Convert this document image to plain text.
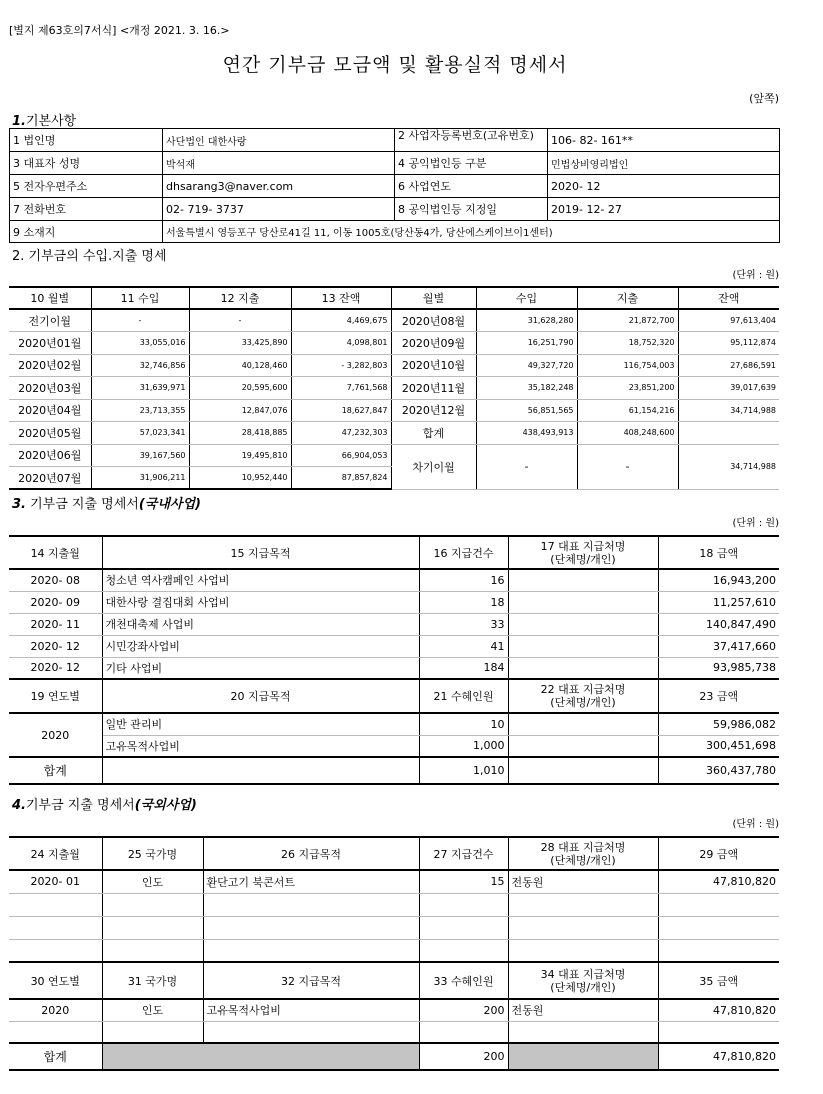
[별지 제63호의7서식] <개정 2021. 3. 16.>
연간 기부금 모금액 및 활용실적 명세서
(앞쪽)
1.기본사항
1 법인명	사단법인 대한사랑	2 사업자등록번호(고유번호)	106- 82- 161**
3 대표자 성명	박석재	4 공익법인등 구분	민법상비영리법인
5 전자우편주소	dhsarang3@naver.com	6 사업연도	2020- 12
7 전화번호	02- 719- 3737	8 공익법인등 지정일	2019- 12- 27
9 소재지	서울특별시 영등포구 당산로41길 11, 이동 1005호(당산동4가, 당산에스케이브이1센터)		
2. 기부금의 수입.지출 명세
(단위 : 원)
10 월별	11 수입	12 지출	13 잔액	월별	수입	지출	잔액
전기이월	-	-	4,469,675	2020년08월	31,628,280	21,872,700	97,613,404
2020년01월	33,055,016	33,425,890	4,098,801	2020년09월	16,251,790	18,752,320	95,112,874
2020년02월	32,746,856	40,128,460	- 3,282,803	2020년10월	49,327,720	116,754,003	27,686,591
2020년03월	31,639,971	20,595,600	7,761,568	2020년11월	35,182,248	23,851,200	39,017,639
2020년04월	23,713,355	12,847,076	18,627,847	2020년12월	56,851,565	61,154,216	34,714,988
2020년05월	57,023,341	28,418,885	47,232,303	합계	438,493,913	408,248,600	
2020년06월	39,167,560	19,495,810	66,904,053	차기이월	-	-	34,714,988
2020년07월	31,906,211	10,952,440	87,857,824				
3. 기부금 지출 명세서(국내사업)
(단위 : 원)
14 지출월	15 지급목적	16 지급건수	17 대표 지급처명
(단체명/개인)	18 금액
2020- 08	청소년 역사캠페인 사업비	16		16,943,200
2020- 09	대한사랑 결집대회 사업비	18		11,257,610
2020- 11	개천대축제 사업비	33		140,847,490
2020- 12	시민강좌사업비	41		37,417,660
2020- 12	기타 사업비	184		93,985,738
19 연도별	20 지급목적	21 수혜인원	22 대표 지급처명
(단체명/개인)	23 금액
2020	일반 관리비	10		59,986,082
	고유목적사업비	1,000		300,451,698
합계		1,010		360,437,780
4.기부금 지출 명세서(국외사업)
(단위 : 원)
24 지출월	25 국가명	26 지급목적	27 지급건수	28 대표 지급처명
(단체명/개인)	29 금액
2020- 01	인도	환단고기 북콘서트	15	전동원	47,810,820

30 연도별	31 국가명	32 지급목적	33 수혜인원	34 대표 지급처명
(단체명/개인)	35 금액
2020	인도	고유목적사업비	200	전동원	47,810,820

합계			200		47,810,820
